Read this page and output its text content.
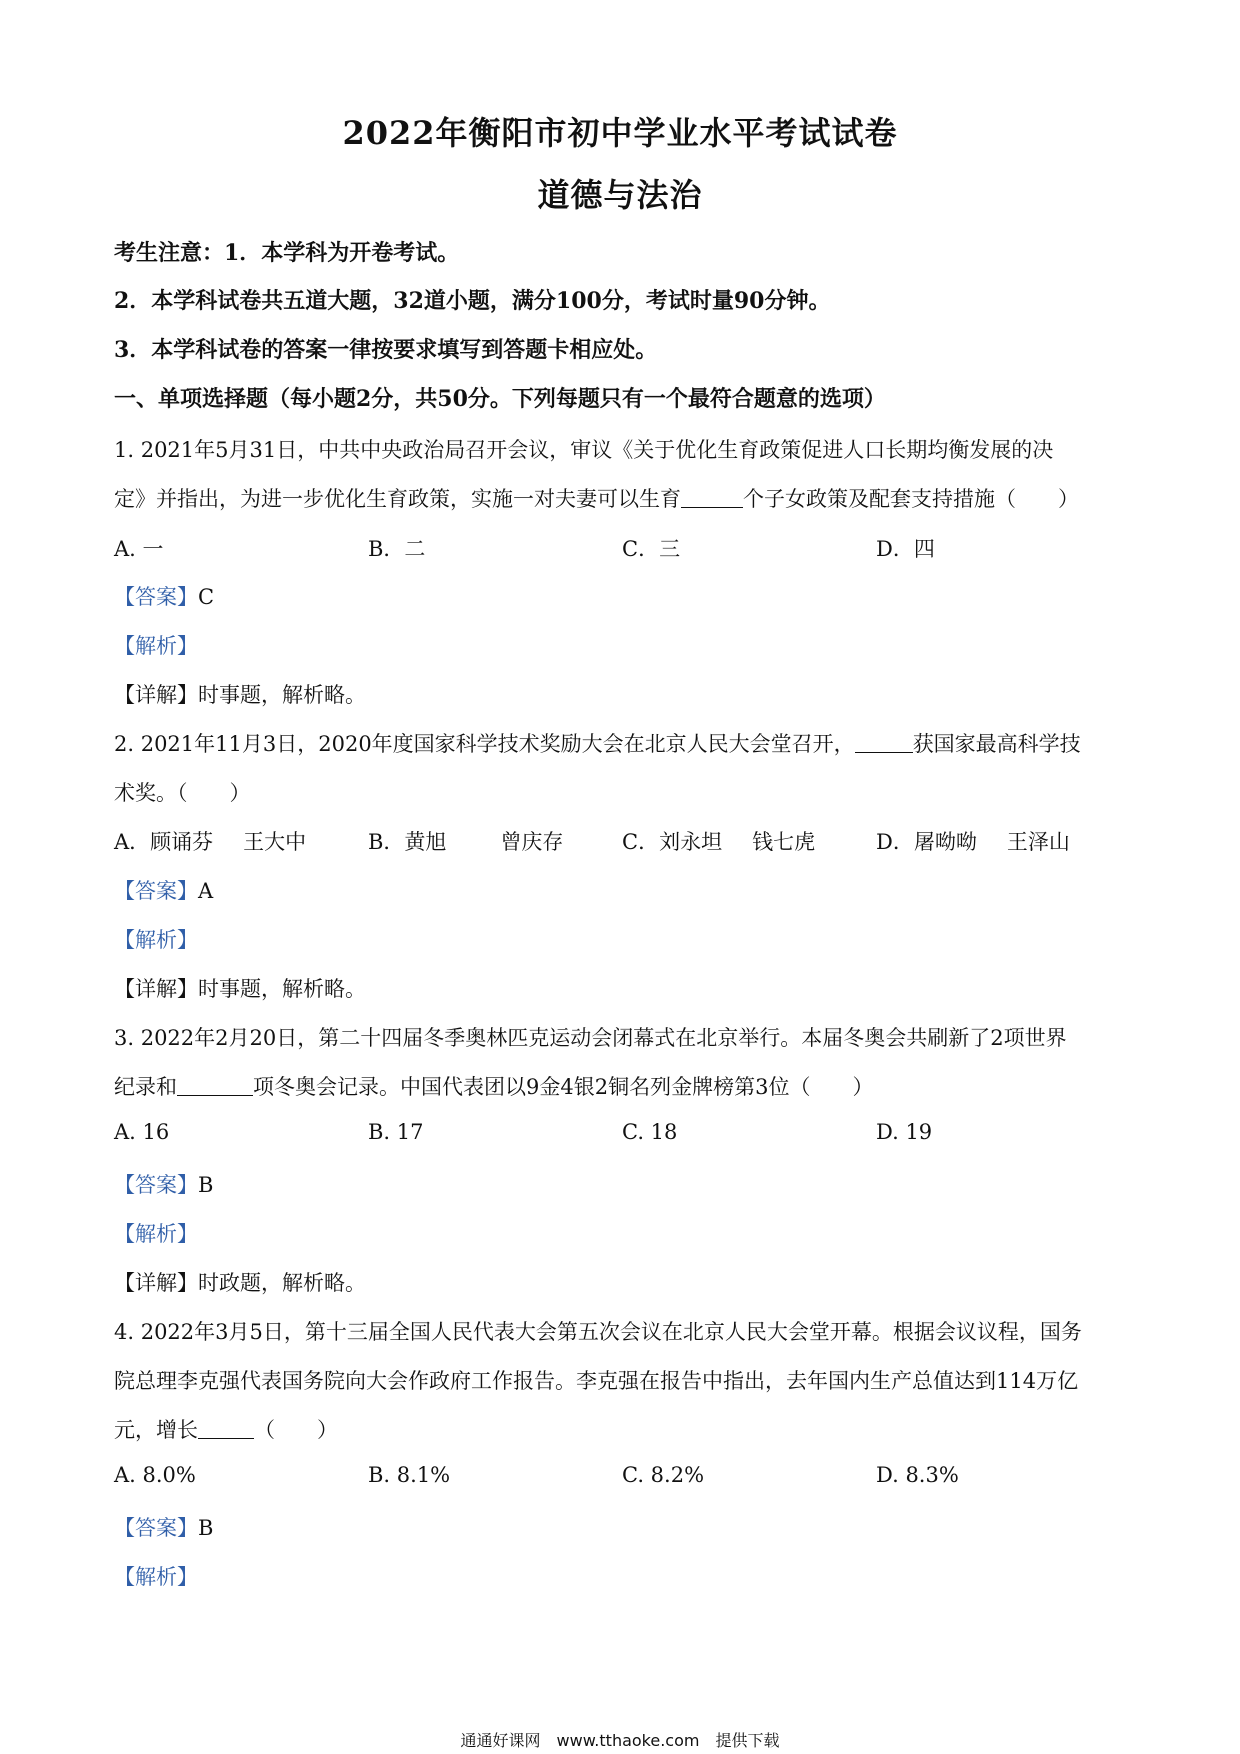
2022年衡阳市初中学业水平考试试卷
道德与法治
考生注意：1．本学科为开卷考试。
2．本学科试卷共五道大题，32道小题，满分100分，考试时量90分钟。
3．本学科试卷的答案一律按要求填写到答题卡相应处。
一、单项选择题（每小题2分，共50分。下列每题只有一个最符合题意的选项）
1. 2021年5月31日，中共中央政治局召开会议，审议《关于优化生育政策促进人口长期均衡发展的决
定》并指出，为进一步优化生育政策，实施一对夫妻可以生育	个子女政策及配套支持措施（　　）
A. 一	B．二	C．三	D．四
【答案】C
【解析】
【详解】时事题，解析略。
2. 2021年11月3日，2020年度国家科学技术奖励大会在北京人民大会堂召开，	获国家最高科学技
术奖。（　　）
A．顾诵芬 王大中	B．黄旭	曾庆存	C．刘永坦 钱七虎	D．屠呦呦 王泽山
【答案】A
【解析】
【详解】时事题，解析略。
3. 2022年2月20日，第二十四届冬季奥林匹克运动会闭幕式在北京举行。本届冬奥会共刷新了2项世界
纪录和	项冬奥会记录。中国代表团以9金4银2铜名列金牌榜第3位（　　）
A. 16	B. 17	C. 18	D. 19
【答案】B
【解析】
【详解】时政题，解析略。
4. 2022年3月5日，第十三届全国人民代表大会第五次会议在北京人民大会堂开幕。根据会议议程，国务
院总理李克强代表国务院向大会作政府工作报告。李克强在报告中指出，去年国内生产总值达到114万亿
元，增长	（　　）
A. 8.0%	B. 8.1%	C. 8.2%	D. 8.3%
【答案】B
【解析】
通通好课网　www.tthaoke.com　提供下载
